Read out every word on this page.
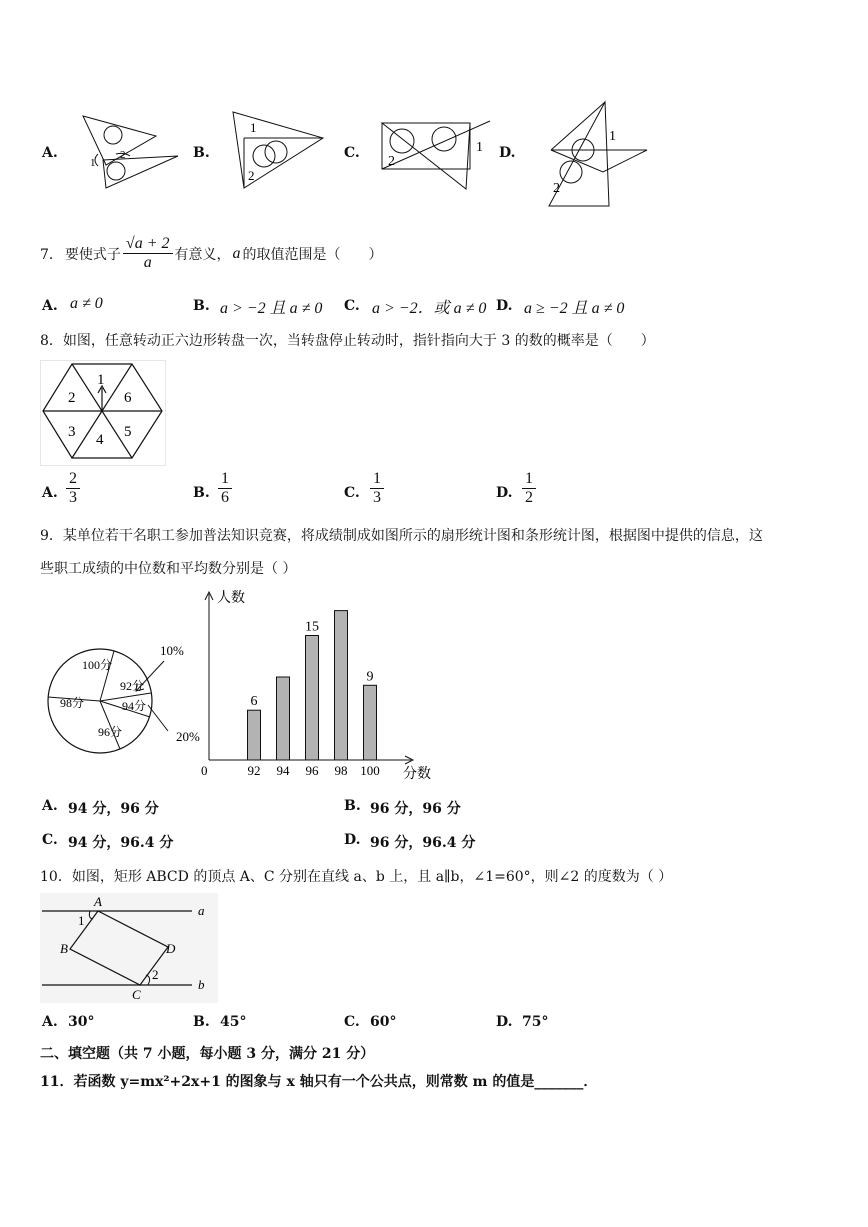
A.
1
2	B.
1
2
C.	1
2
D.
1
2
7． 要使式子 $\frac{√a + 2}{a}$ 有意义， a 的取值范围是（　　）
A. a ≠ 0	B. a > −2 且 a ≠ 0 C. a > −2．或 a ≠ 0 D. a ≥ −2 且 a ≠ 0
8．如图，任意转动正六边形转盘一次，当转盘停止转动时，指针指向大于 3 的数的概率是（　　）
1
6
5
4
3
2
A. $\frac{2}{3}$	B. $\frac{1}{6}$	C. $\frac{1}{3}$	D. $\frac{1}{2}$
9．某单位若干名职工参加普法知识竞赛，将成绩制成如图所示的扇形统计图和条形统计图，根据图中提供的信息，这
些职工成绩的中位数和平均数分别是（ ）
100分
92分
94分
96分
98分
10%
20%
人数
分数
0	92
6
94 96
15
98 100
9
A. 94 分，96 分	B. 96 分，96 分
C. 94 分，96.4 分	D. 96 分，96.4 分
10．如图，矩形 ABCD 的顶点 A、C 分别在直线 a、b 上，且 a∥b，∠1=60°，则∠2 的度数为（ ）
A
B
C
D
a
b
1
2
A. 30°	B. 45°	C. 60°	D. 75°
二、填空题（共 7 小题，每小题 3 分，满分 21 分）
11．若函数 y=mx²+2x+1 的图象与 x 轴只有一个公共点，则常数 m 的值是_______．
